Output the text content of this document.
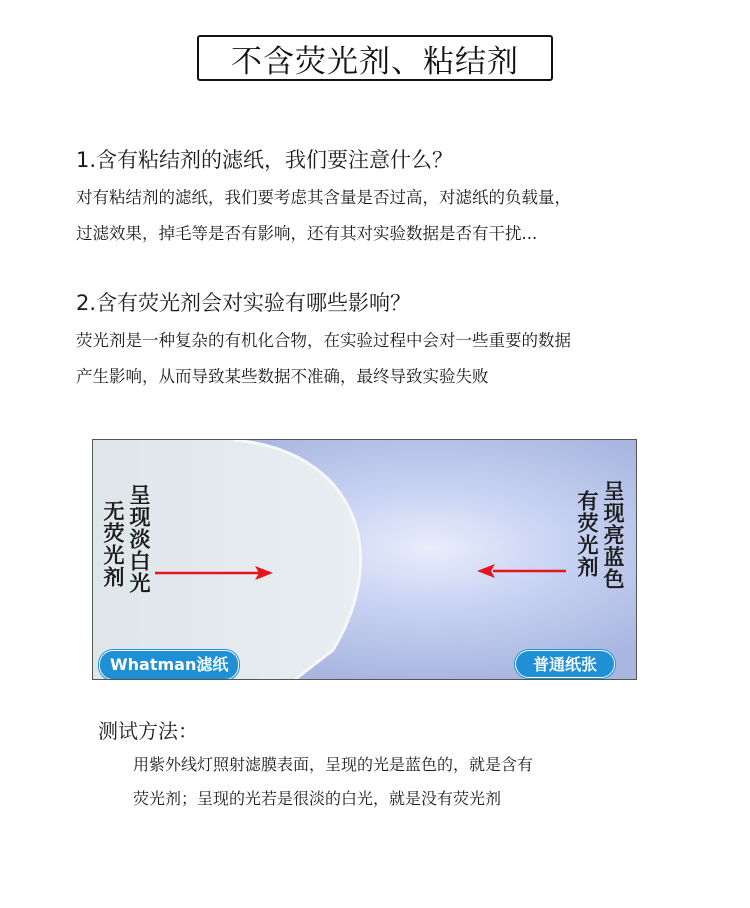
不含荧光剂、粘结剂
1.含有粘结剂的滤纸，我们要注意什么？
对有粘结剂的滤纸，我们要考虑其含量是否过高，对滤纸的负载量，
过滤效果，掉毛等是否有影响，还有其对实验数据是否有干扰...
2.含有荧光剂会对实验有哪些影响？
荧光剂是一种复杂的有机化合物，在实验过程中会对一些重要的数据
产生影响，从而导致某些数据不准确，最终导致实验失败
呈现淡白光
无荧光剂	呈现亮蓝色
有荧光剂
Whatman滤纸	普通纸张
测试方法：
用紫外线灯照射滤膜表面，呈现的光是蓝色的，就是含有
荧光剂；呈现的光若是很淡的白光，就是没有荧光剂
